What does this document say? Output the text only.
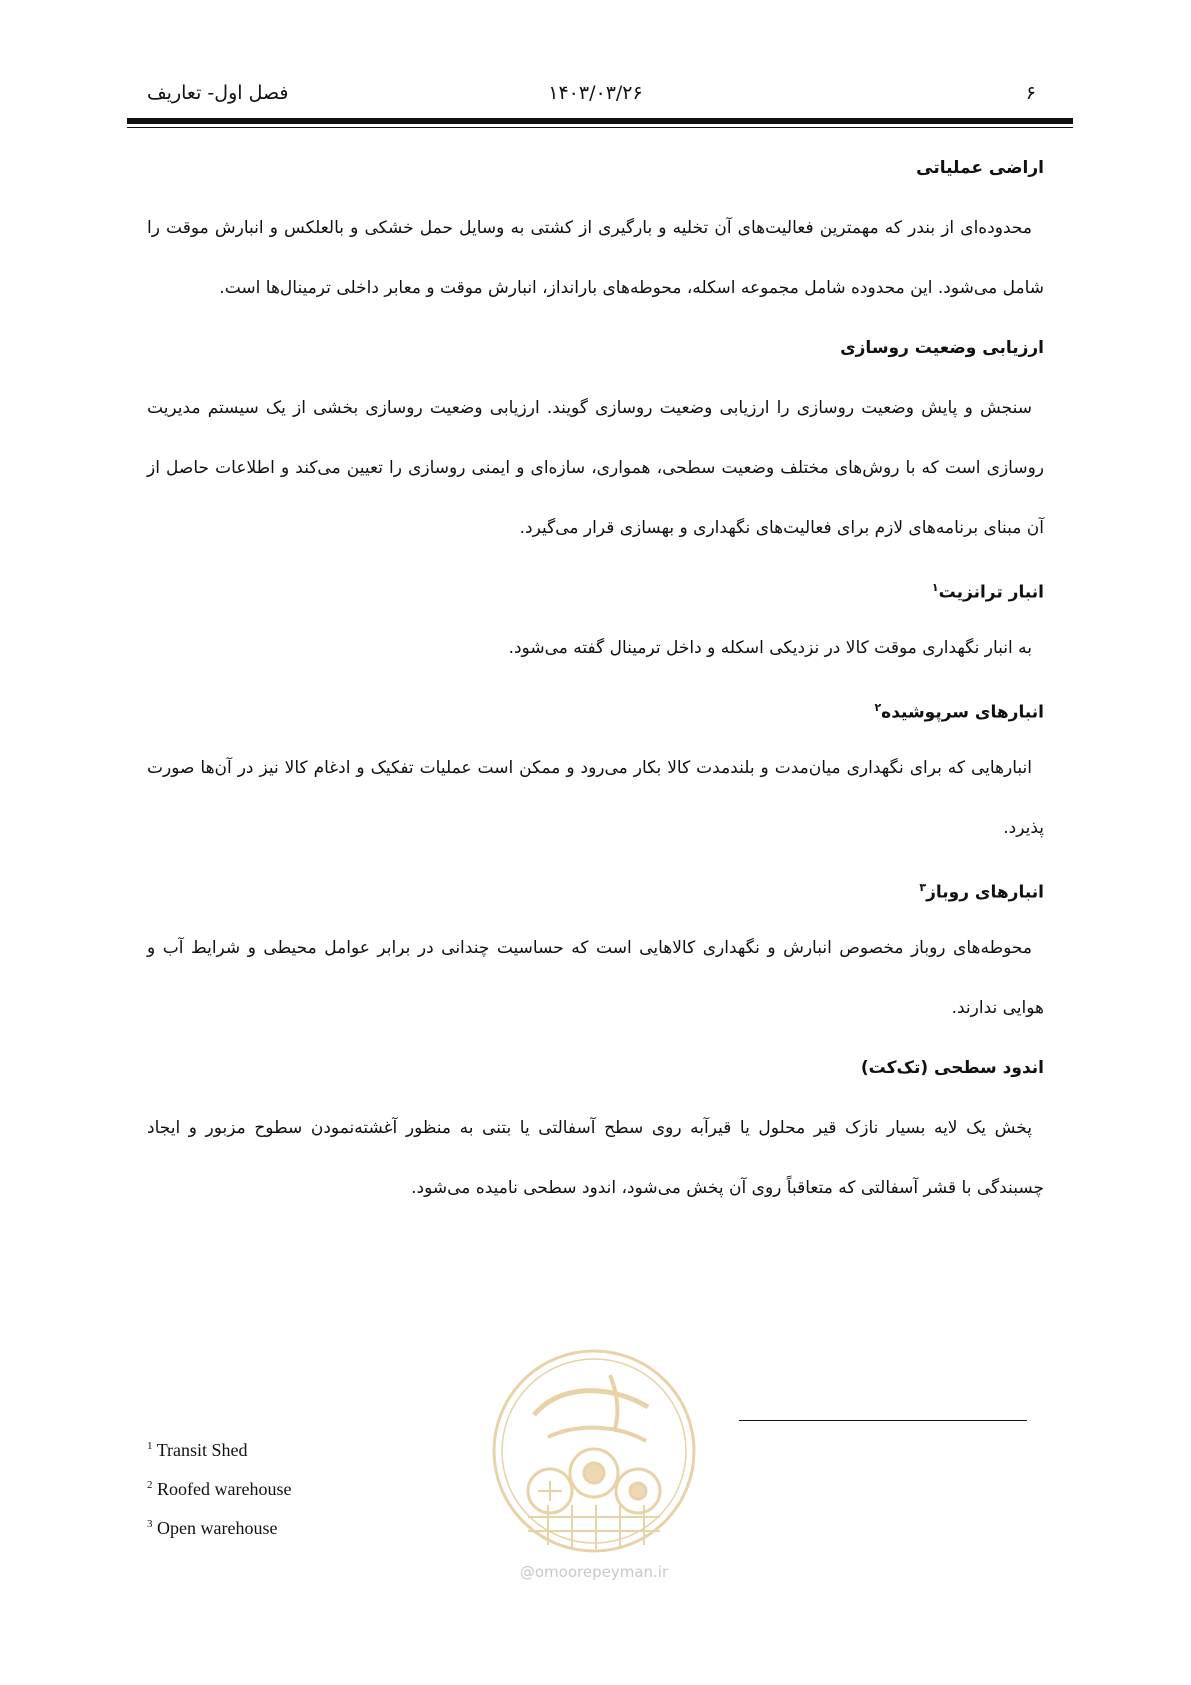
فصل اول- تعاریف	۱۴۰۳/۰۳/۲۶	۶
اراضی عملیاتی

محدوده‌ای از بندر که مهمترین فعالیت‌های آن تخلیه و بارگیری از کشتی به وسایل حمل خشکی و بالعلکس و انبارش موقت را شامل می‌شود. این محدوده شامل مجموعه اسکله، محوطه‌های بارانداز، انبارش موقت و معابر داخلی ترمینال‌ها است.

ارزیابی وضعیت روسازی

سنجش و پایش وضعیت روسازی را ارزیابی وضعیت روسازی گویند. ارزیابی وضعیت روسازی بخشی از یک سیستم مدیریت روسازی است که با روش‌های مختلف وضعیت سطحی، همواری، سازه‌ای و ایمنی روسازی را تعیین می‌کند و اطلاعات حاصل از آن مبنای برنامه‌های لازم برای فعالیت‌های نگهداری و بهسازی قرار می‌گیرد.

انبار ترانزیت$^۱$

به انبار نگهداری موقت کالا در نزدیکی اسکله و داخل ترمینال گفته می‌شود.

انبارهای سرپوشیده$^۲$

انبارهایی که برای نگهداری میان‌مدت و بلندمدت کالا بکار می‌رود و ممکن است عملیات تفکیک و ادغام کالا نیز در آن‌ها صورت پذیرد.

انبارهای روباز$^۳$

محوطه‌های روباز مخصوص انبارش و نگهداری کالاهایی است که حساسیت چندانی در برابر عوامل محیطی و شرایط آب و هوایی ندارند.

اندود سطحی (تک‌کت)

پخش یک لایه بسیار نازک قیر محلول یا قیرآبه روی سطح آسفالتی یا بتنی به منظور آغشته‌نمودن سطوح مزبور و ایجاد چسبندگی با قشر آسفالتی که متعاقباً روی آن پخش می‌شود، اندود سطحی نامیده می‌شود.

@omoorepeyman.ir
$^1$ Transit Shed
$^2$ Roofed warehouse
$^3$ Open warehouse
